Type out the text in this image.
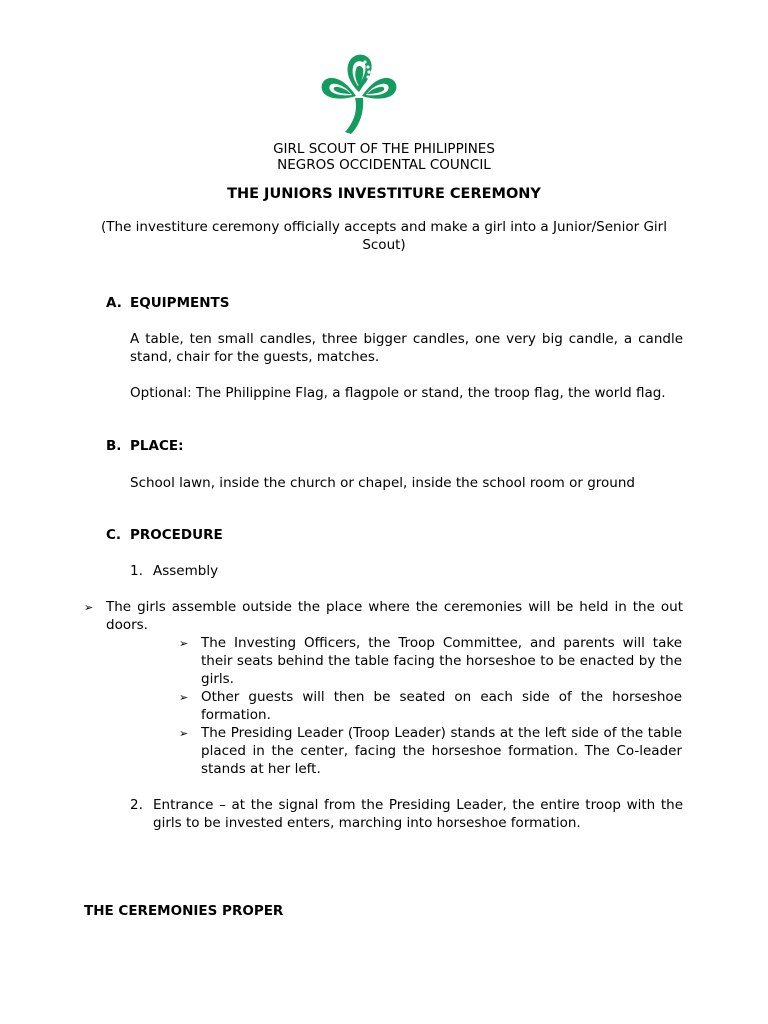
GIRL SCOUT OF THE PHILIPPINES
NEGROS OCCIDENTAL COUNCIL
THE JUNIORS INVESTITURE CEREMONY
(The investiture ceremony officially accepts and make a girl into a Junior/Senior Girl Scout)
A. EQUIPMENTS
A table, ten small candles, three bigger candles, one very big candle, a candle stand, chair for the guests, matches.
Optional: The Philippine Flag, a flagpole or stand, the troop flag, the world flag.
B. PLACE:
School lawn, inside the church or chapel, inside the school room or ground
C. PROCEDURE
1. Assembly
➢ The girls assemble outside the place where the ceremonies will be held in the out doors.
➢ The Investing Officers, the Troop Committee, and parents will take their seats behind the table facing the horseshoe to be enacted by the girls.
➢ Other guests will then be seated on each side of the horseshoe formation.
➢ The Presiding Leader (Troop Leader) stands at the left side of the table placed in the center, facing the horseshoe formation. The Co-leader stands at her left.
2. Entrance – at the signal from the Presiding Leader, the entire troop with the girls to be invested enters, marching into horseshoe formation.
THE CEREMONIES PROPER
